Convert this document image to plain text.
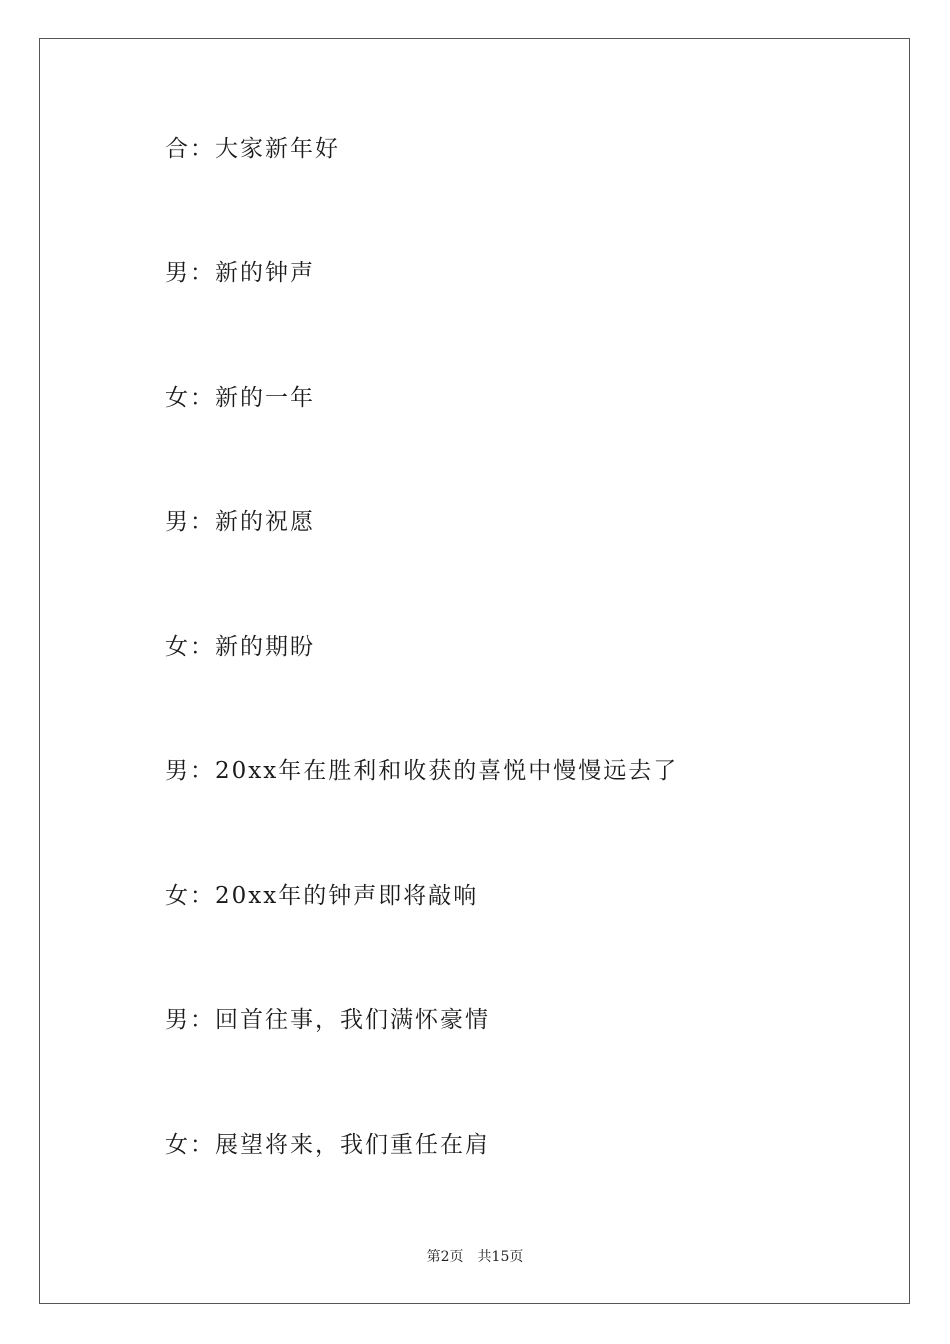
合：大家新年好
男：新的钟声
女：新的一年
男：新的祝愿
女：新的期盼
男：20xx年在胜利和收获的喜悦中慢慢远去了
女：20xx年的钟声即将敲响
男：回首往事，我们满怀豪情
女：展望将来，我们重任在肩
第2页 共15页
